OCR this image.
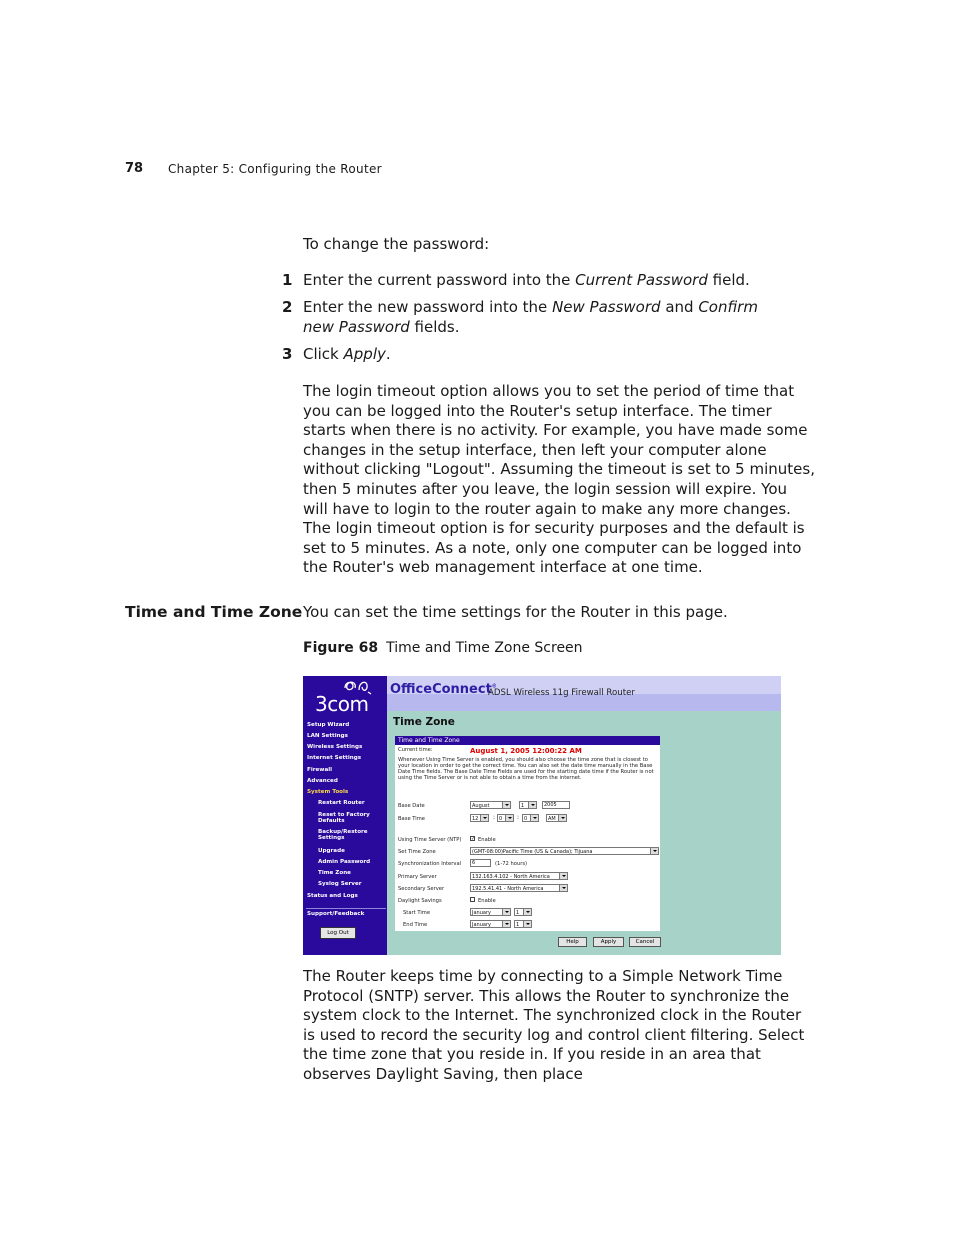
78 Chapter 5: Configuring the Router
To change the password:
1 Enter the current password into the Current Password field.
2 Enter the new password into the New Password and Confirm new Password fields.
3 Click Apply.
The login timeout option allows you to set the period of time that you can be logged into the Router's setup interface. The timer starts when there is no activity. For example, you have made some changes in the setup interface, then left your computer alone without clicking "Logout". Assuming the timeout is set to 5 minutes, then 5 minutes after you leave, the login session will expire. You will have to login to the router again to make any more changes. The login timeout option is for security purposes and the default is set to 5 minutes. As a note, only one computer can be logged into the Router's web management interface at one time.
Time and Time Zone You can set the time settings for the Router in this page.
Figure 68 Time and Time Zone Screen
3com
Setup Wizard
LAN Settings
Wireless Settings
Internet Settings
Firewall
Advanced
System Tools
Restart Router
Reset to Factory
Defaults
Backup/Restore
Settings
Upgrade
Admin Password
Time Zone
Syslog Server
Status and Logs
Support/Feedback
Log Out
OfficeConnect®
ADSL Wireless 11g Firewall Router
Time Zone
Time and Time Zone
Current time:	August 1, 2005 12:00:22 AM
Whenever Using Time Server is enabled, you should also choose the time zone that is closest to your location in order to get the correct time. You can also set the date time manually in the Base Date Time fields. The Base Date Time Fields are used for the starting date time if the Router is not using the Time Server or is not able to obtain a time from the internet.
Base Date	August	1	2005
Base Time	12	: 0	: 0	AM
Using Time Server (NTP) ✓ Enable
Set Time Zone	(GMT-08:00)Pacific Time (US & Canada); Tijuana
Synchronization Interval	6	(1-72 hours)
Primary Server	132.163.4.102 - North America
Secondary Server	192.5.41.41 - North America
Daylight Savings	Enable
Start Time	January	1
End Time	January	1
Help	Apply	Cancel
The Router keeps time by connecting to a Simple Network Time Protocol (SNTP) server. This allows the Router to synchronize the system clock to the Internet. The synchronized clock in the Router is used to record the security log and control client filtering. Select the time zone that you reside in. If you reside in an area that observes Daylight Saving, then place
